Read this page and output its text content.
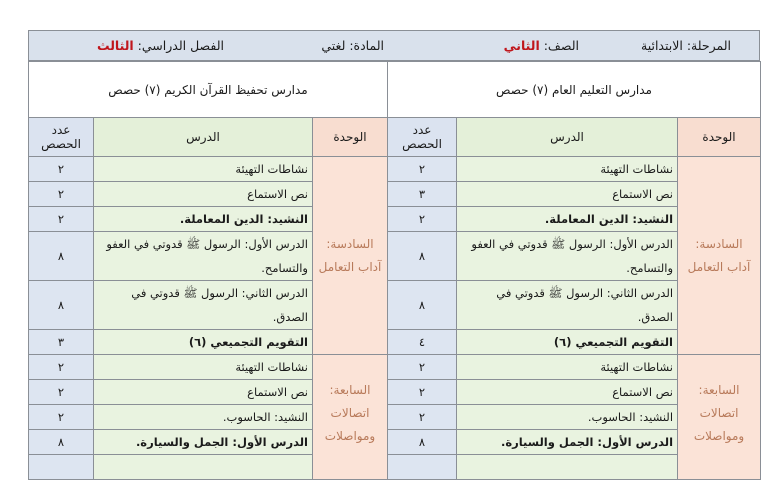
المرحلة: الابتدائية
الصف: الثاني
المادة: لغتي
الفصل الدراسي: الثالث
مدارس التعليم العام (٧) حصص			مدارس تحفيظ القرآن الكريم (٧) حصص		
الوحدة	الدرس	عدد الحصص	الوحدة	الدرس	عدد الحصص
السادسة: آداب التعامل	نشاطات التهيئة	٢	السادسة: آداب التعامل	نشاطات التهيئة	٢
	نص الاستماع	٣		نص الاستماع	٢
	النشيد: الدين المعاملة.	٢		النشيد: الدين المعاملة.	٢
	الدرس الأول: الرسول ﷺ قدوتي في العفو والتسامح.	٨		الدرس الأول: الرسول ﷺ قدوتي في العفو والتسامح.	٨
	الدرس الثاني: الرسول ﷺ قدوتي في الصدق.	٨		الدرس الثاني: الرسول ﷺ قدوتي في الصدق.	٨
	التقويم التجميعي (٦)	٤		التقويم التجميعي (٦)	٣
السابعة: اتصالات ومواصلات	نشاطات التهيئة	٢	السابعة: اتصالات ومواصلات	نشاطات التهيئة	٢
	نص الاستماع	٢		نص الاستماع	٢
	النشيد: الحاسوب.	٢		النشيد: الحاسوب.	٢
	الدرس الأول: الجمل والسيارة.	٨		الدرس الأول: الجمل والسيارة.	٨
